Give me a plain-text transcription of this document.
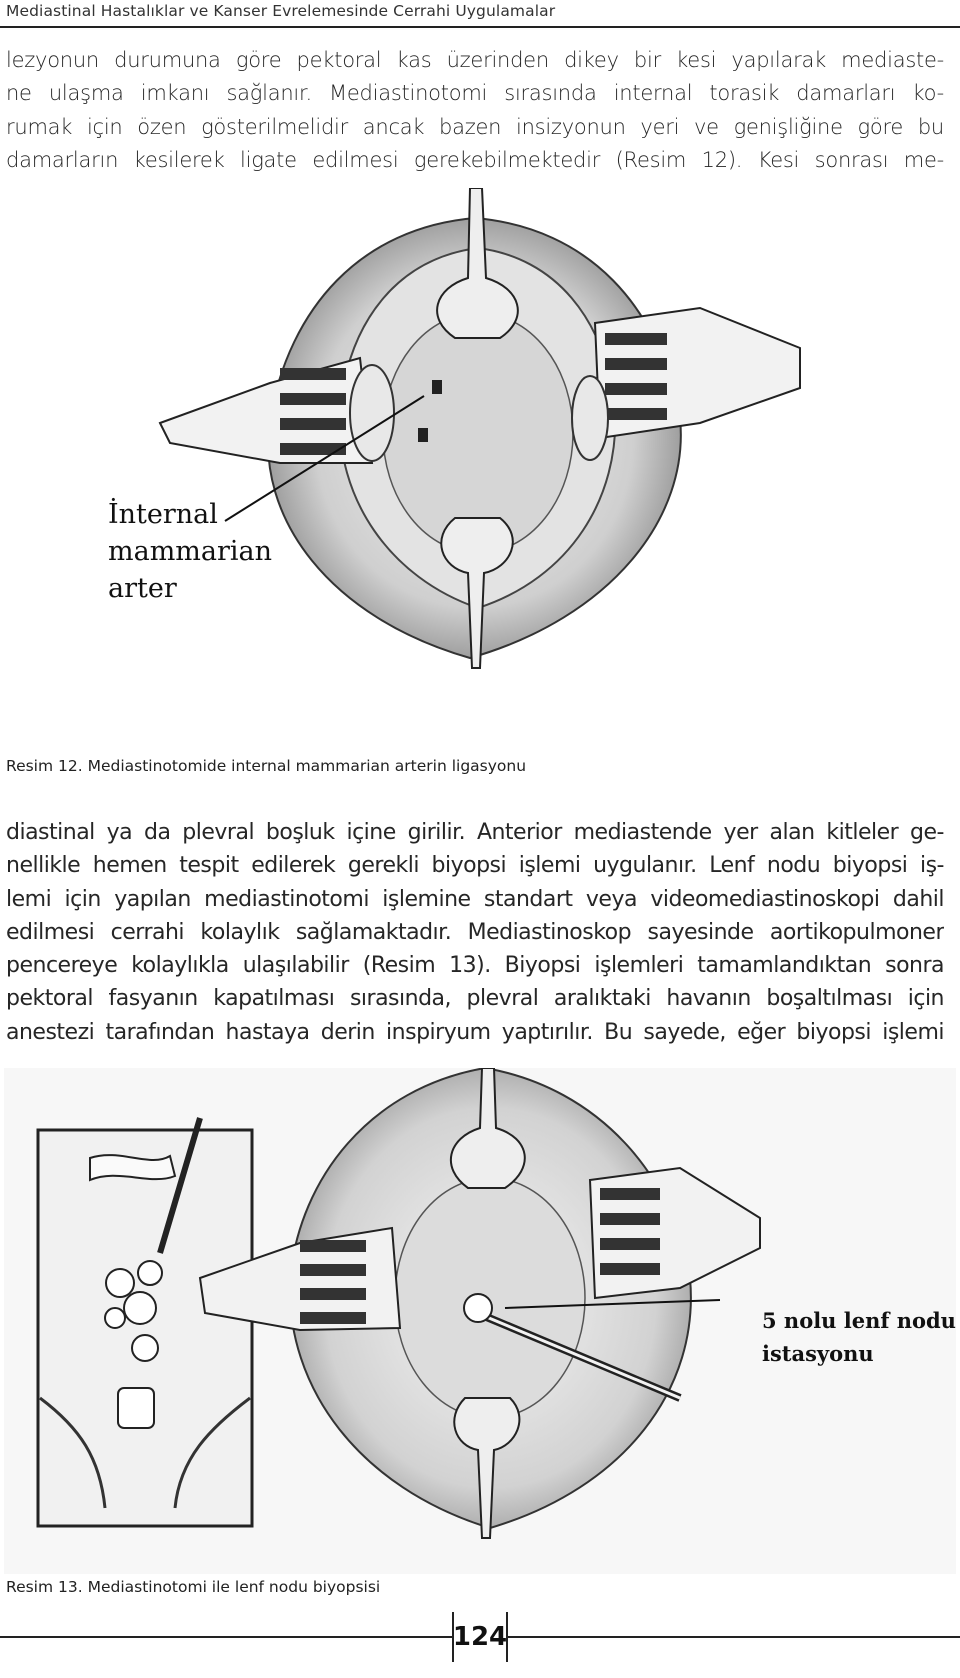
Mediastinal Hastalıklar ve Kanser Evrelemesinde Cerrahi Uygulamalar
lezyonun durumuna göre pektoral kas üzerinden dikey bir kesi yapılarak mediaste-
ne ulaşma imkanı sağlanır. Mediastinotomi sırasında internal torasik damarları ko-
rumak için özen gösterilmelidir ancak bazen insizyonun yeri ve genişliğine göre bu
damarların kesilerek ligate edilmesi gerekebilmektedir (Resim 12). Kesi sonrası me-
İnternal
mammarian
arter
Resim 12. Mediastinotomide internal mammarian arterin ligasyonu
diastinal ya da plevral boşluk içine girilir. Anterior mediastende yer alan kitleler ge-
nellikle hemen tespit edilerek gerekli biyopsi işlemi uygulanır. Lenf nodu biyopsi iş-
lemi için yapılan mediastinotomi işlemine standart veya videomediastinoskopi dahil
edilmesi cerrahi kolaylık sağlamaktadır. Mediastinoskop sayesinde aortikopulmoner
pencereye kolaylıkla ulaşılabilir (Resim 13). Biyopsi işlemleri tamamlandıktan sonra
pektoral fasyanın kapatılması sırasında, plevral aralıktaki havanın boşaltılması için
anestezi tarafından hastaya derin inspiryum yaptırılır. Bu sayede, eğer biyopsi işlemi
5 nolu lenf nodu
istasyonu
Resim 13. Mediastinotomi ile lenf nodu biyopsisi
124
